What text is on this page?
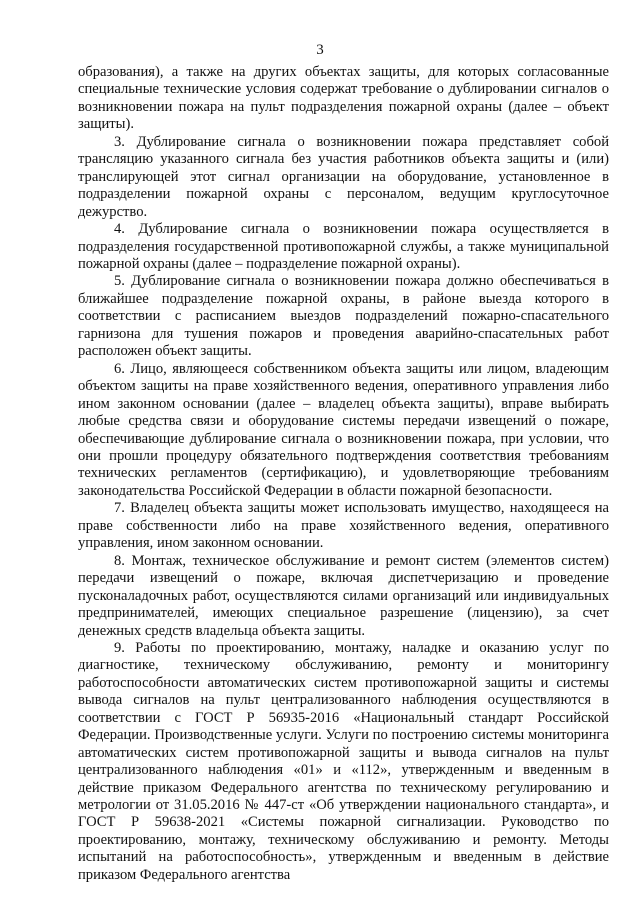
3

образования), а также на других объектах защиты, для которых согласованные специальные технические условия содержат требование о дублировании сигналов о возникновении пожара на пульт подразделения пожарной охраны (далее – объект защиты).

3. Дублирование сигнала о возникновении пожара представляет собой трансляцию указанного сигнала без участия работников объекта защиты и (или) транслирующей этот сигнал организации на оборудование, установленное в подразделении пожарной охраны с персоналом, ведущим круглосуточное дежурство.

4. Дублирование сигнала о возникновении пожара осуществляется в подразделения государственной противопожарной службы, а также муниципальной пожарной охраны (далее – подразделение пожарной охраны).

5. Дублирование сигнала о возникновении пожара должно обеспечиваться в ближайшее подразделение пожарной охраны, в районе выезда которого в соответствии с расписанием выездов подразделений пожарно-спасательного гарнизона для тушения пожаров и проведения аварийно-спасательных работ расположен объект защиты.

6. Лицо, являющееся собственником объекта защиты или лицом, владеющим объектом защиты на праве хозяйственного ведения, оперативного управления либо ином законном основании (далее – владелец объекта защиты), вправе выбирать любые средства связи и оборудование системы передачи извещений о пожаре, обеспечивающие дублирование сигнала о возникновении пожара, при условии, что они прошли процедуру обязательного подтверждения соответствия требованиям технических регламентов (сертификацию), и удовлетворяющие требованиям законодательства Российской Федерации в области пожарной безопасности.

7. Владелец объекта защиты может использовать имущество, находящееся на праве собственности либо на праве хозяйственного ведения, оперативного управления, ином законном основании.

8. Монтаж, техническое обслуживание и ремонт систем (элементов систем) передачи извещений о пожаре, включая диспетчеризацию и проведение пусконаладочных работ, осуществляются силами организаций или индивидуальных предпринимателей, имеющих специальное разрешение (лицензию), за счет денежных средств владельца объекта защиты.

9. Работы по проектированию, монтажу, наладке и оказанию услуг по диагностике, техническому обслуживанию, ремонту и мониторингу работоспособности автоматических систем противопожарной защиты и системы вывода сигналов на пульт централизованного наблюдения осуществляются в соответствии с ГОСТ Р 56935-2016 «Национальный стандарт Российской Федерации. Производственные услуги. Услуги по построению системы мониторинга автоматических систем противопожарной защиты и вывода сигналов на пульт централизованного наблюдения «01» и «112», утвержденным и введенным в действие приказом Федерального агентства по техническому регулированию и метрологии от 31.05.2016 № 447-ст «Об утверждении национального стандарта», и ГОСТ Р 59638-2021 «Системы пожарной сигнализации. Руководство по проектированию, монтажу, техническому обслуживанию и ремонту. Методы испытаний на работоспособность», утвержденным и введенным в действие приказом Федерального агентства
